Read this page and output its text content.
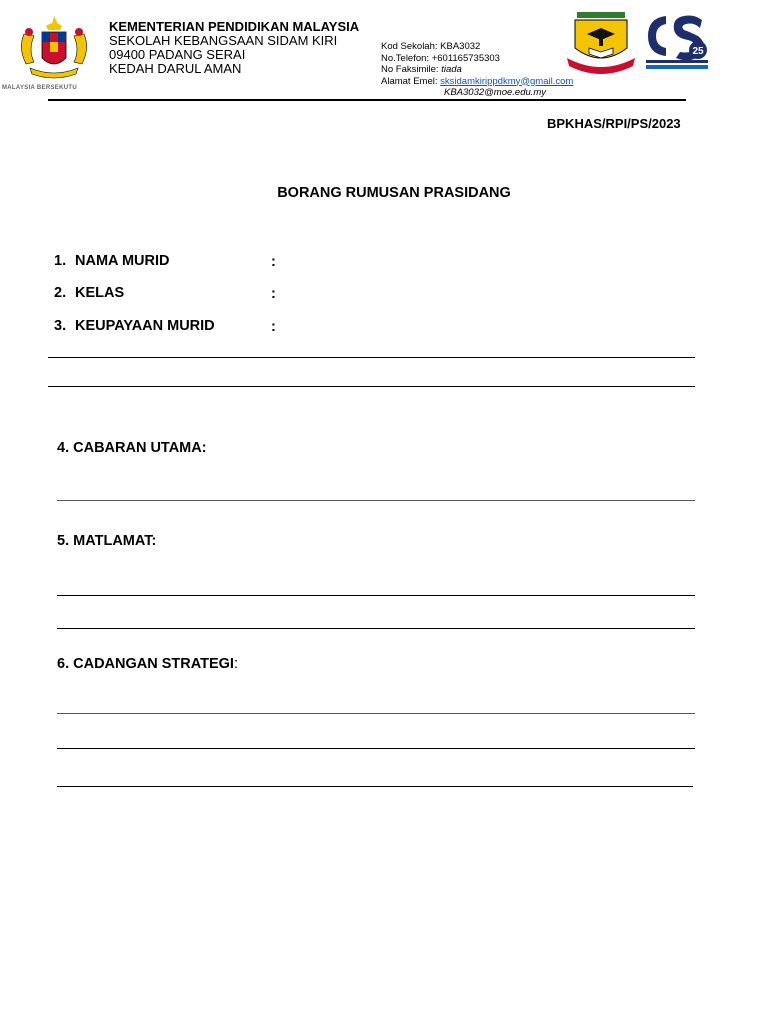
MALAYSIA BERSEKUTU
KEMENTERIAN PENDIDIKAN MALAYSIA
SEKOLAH KEBANGSAAN SIDAM KIRI
09400 PADANG SERAI
KEDAH DARUL AMAN
Kod Sekolah: KBA3032
No.Telefon: +601165735303
No Faksimile: tiada
Alamat Emel: sksidamkirippdkmy@gmail.com
KBA3032@moe.edu.my
25
BPKHAS/RPI/PS/2023
BORANG RUMUSAN PRASIDANG
1. NAMA MURID	:
2. KELAS	:
3. KEUPAYAAN MURID	:
4. CABARAN UTAMA:
5. MATLAMAT:
6. CADANGAN STRATEGI:
